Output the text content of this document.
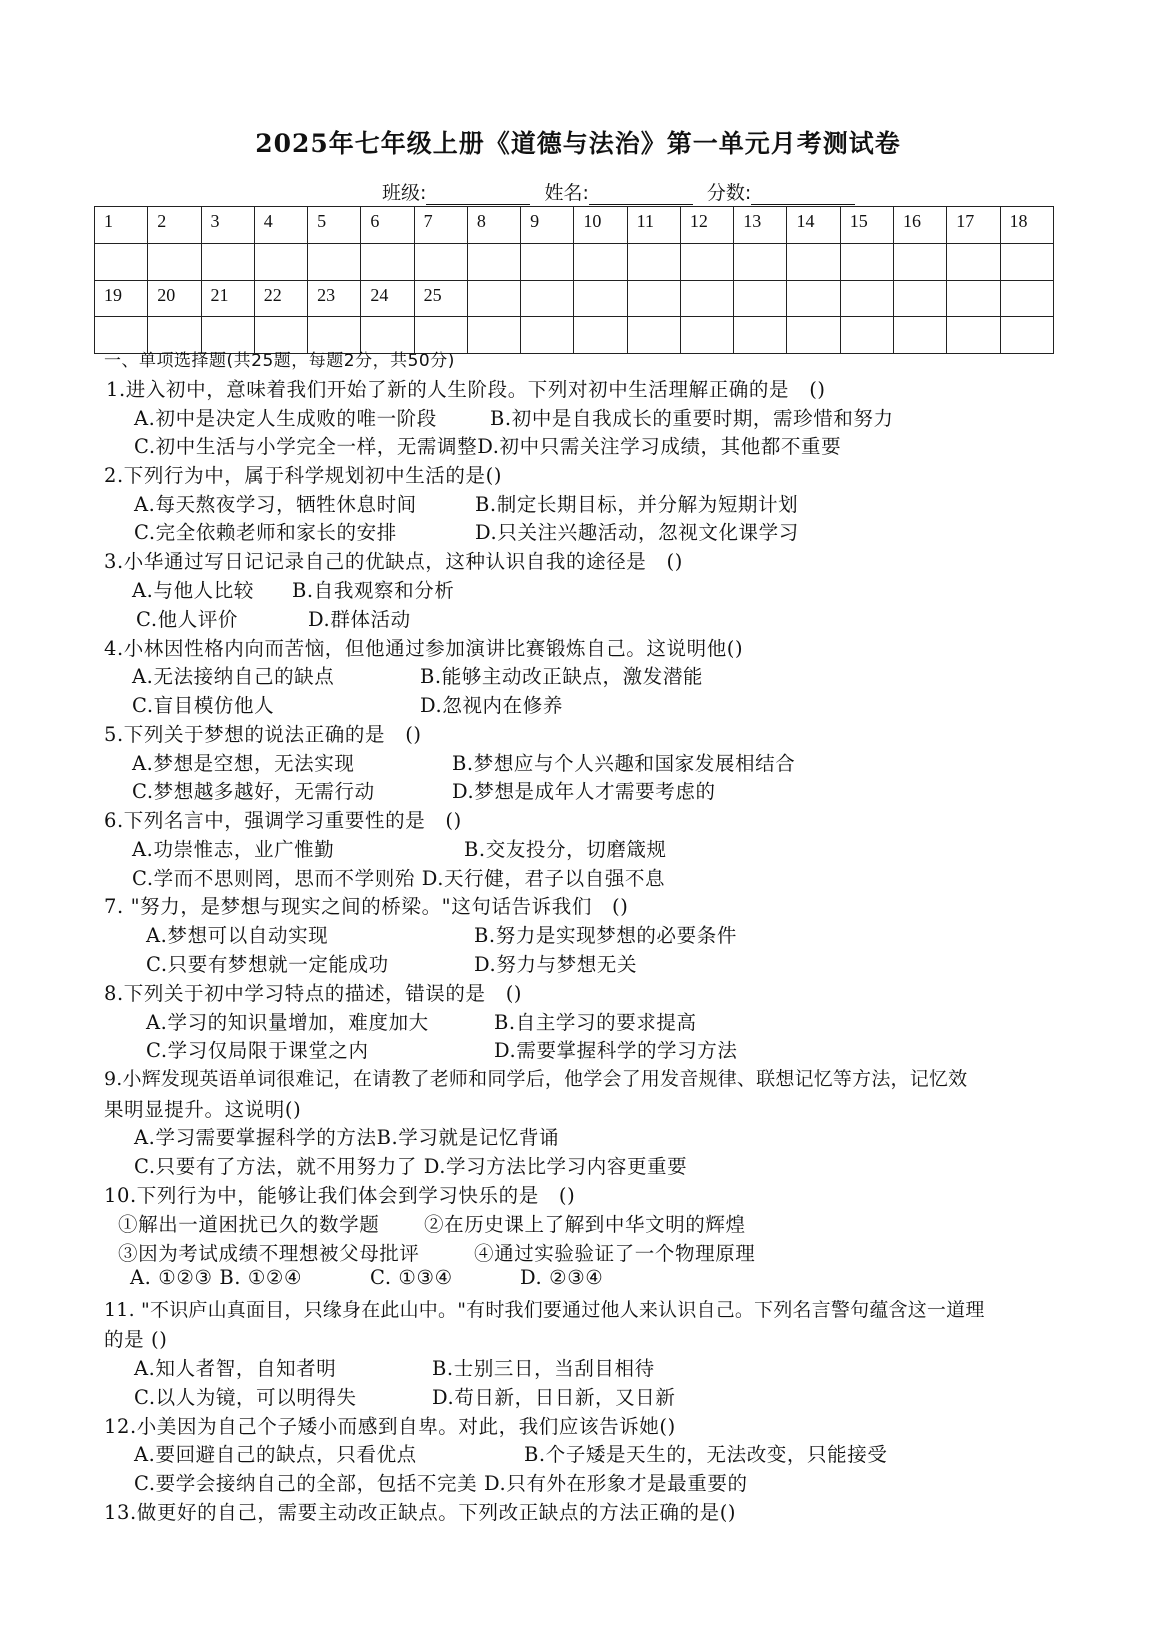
2025年七年级上册《道德与法治》第一单元月考测试卷
班级:	姓名:	分数:
1	2	3	4	5	6	7	8	9	10	11	12	13	14	15	16	17	18

19	20	21	22	23	24	25											

一、单项选择题(共25题，每题2分，共50分)
1.进入初中，意味着我们开始了新的人生阶段。下列对初中生活理解正确的是　()
A.初中是决定人生成败的唯一阶段	B.初中是自我成长的重要时期，需珍惜和努力
C.初中生活与小学完全一样，无需调整D.初中只需关注学习成绩，其他都不重要
2.下列行为中，属于科学规划初中生活的是()
A.每天熬夜学习，牺牲休息时间	B.制定长期目标，并分解为短期计划
C.完全依赖老师和家长的安排	D.只关注兴趣活动，忽视文化课学习
3.小华通过写日记记录自己的优缺点，这种认识自我的途径是　()
A.与他人比较 B.自我观察和分析
C.他人评价	D.群体活动
4.小林因性格内向而苦恼，但他通过参加演讲比赛锻炼自己。这说明他()
A.无法接纳自己的缺点	B.能够主动改正缺点，激发潜能
C.盲目模仿他人	D.忽视内在修养
5.下列关于梦想的说法正确的是　()
A.梦想是空想，无法实现	B.梦想应与个人兴趣和国家发展相结合
C.梦想越多越好，无需行动	D.梦想是成年人才需要考虑的
6.下列名言中，强调学习重要性的是　()
A.功崇惟志，业广惟勤	B.交友投分，切磨箴规
C.学而不思则罔，思而不学则殆 D.天行健，君子以自强不息
7. "努力，是梦想与现实之间的桥梁。"这句话告诉我们　()
A.梦想可以自动实现	B.努力是实现梦想的必要条件
C.只要有梦想就一定能成功	D.努力与梦想无关
8.下列关于初中学习特点的描述，错误的是　()
A.学习的知识量增加，难度加大	B.自主学习的要求提高
C.学习仅局限于课堂之内	D.需要掌握科学的学习方法
9.小辉发现英语单词很难记，在请教了老师和同学后，他学会了用发音规律、联想记忆等方法，记忆效
果明显提升。这说明()
A.学习需要掌握科学的方法B.学习就是记忆背诵
C.只要有了方法，就不用努力了 D.学习方法比学习内容更重要
10.下列行为中，能够让我们体会到学习快乐的是　()
①解出一道困扰已久的数学题 ②在历史课上了解到中华文明的辉煌
③因为考试成绩不理想被父母批评	④通过实验验证了一个物理原理
A. ①②③ B. ①②④	C. ①③④	D. ②③④
11. "不识庐山真面目，只缘身在此山中。"有时我们要通过他人来认识自己。下列名言警句蕴含这一道理
的是 ()
A.知人者智，自知者明	B.士别三日，当刮目相待
C.以人为镜，可以明得失	D.苟日新，日日新，又日新
12.小美因为自己个子矮小而感到自卑。对此，我们应该告诉她()
A.要回避自己的缺点，只看优点	B.个子矮是天生的，无法改变，只能接受
C.要学会接纳自己的全部，包括不完美 D.只有外在形象才是最重要的
13.做更好的自己，需要主动改正缺点。下列改正缺点的方法正确的是()
